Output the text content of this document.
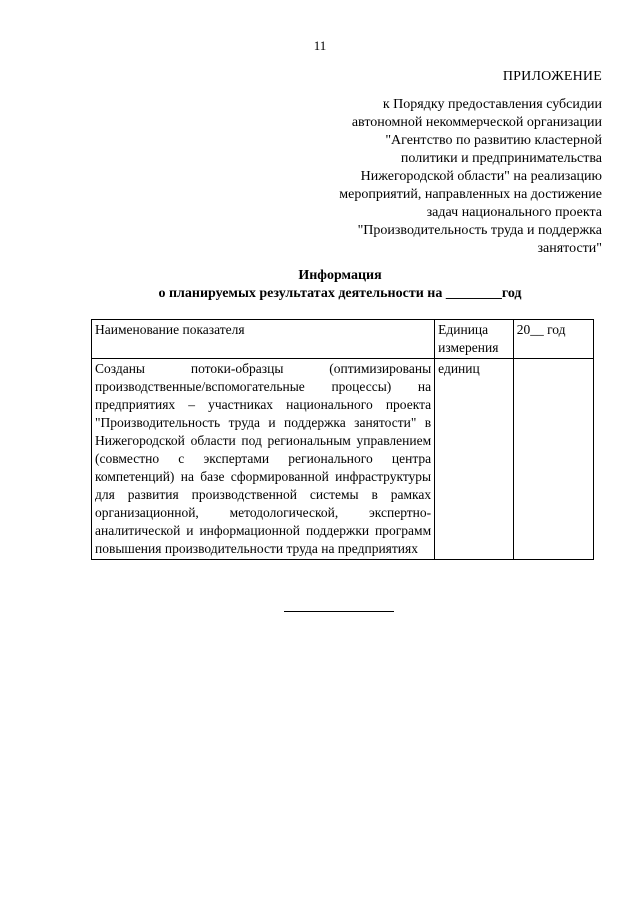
11
ПРИЛОЖЕНИЕ
к Порядку предоставления субсидии
автономной некоммерческой организации
"Агентство по развитию кластерной
политики и предпринимательства
Нижегородской области" на реализацию
мероприятий, направленных на достижение
задач национального проекта
"Производительность труда и поддержка
занятости"
Информация
о планируемых результатах деятельности на ________год
Наименование показателя	Единица измерения	20__ год
Созданы потоки-образцы (оптимизированы производственные/вспомогательные процессы) на предприятиях – участниках национального проекта "Производительность труда и поддержка занятости" в Нижегородской области под региональным управлением (совместно с экспертами регионального центра компетенций) на базе сформированной инфраструктуры для развития производственной системы в рамках организационной, методологической, экспертно-аналитической и информационной поддержки программ повышения производительности труда на предприятиях	единиц	
